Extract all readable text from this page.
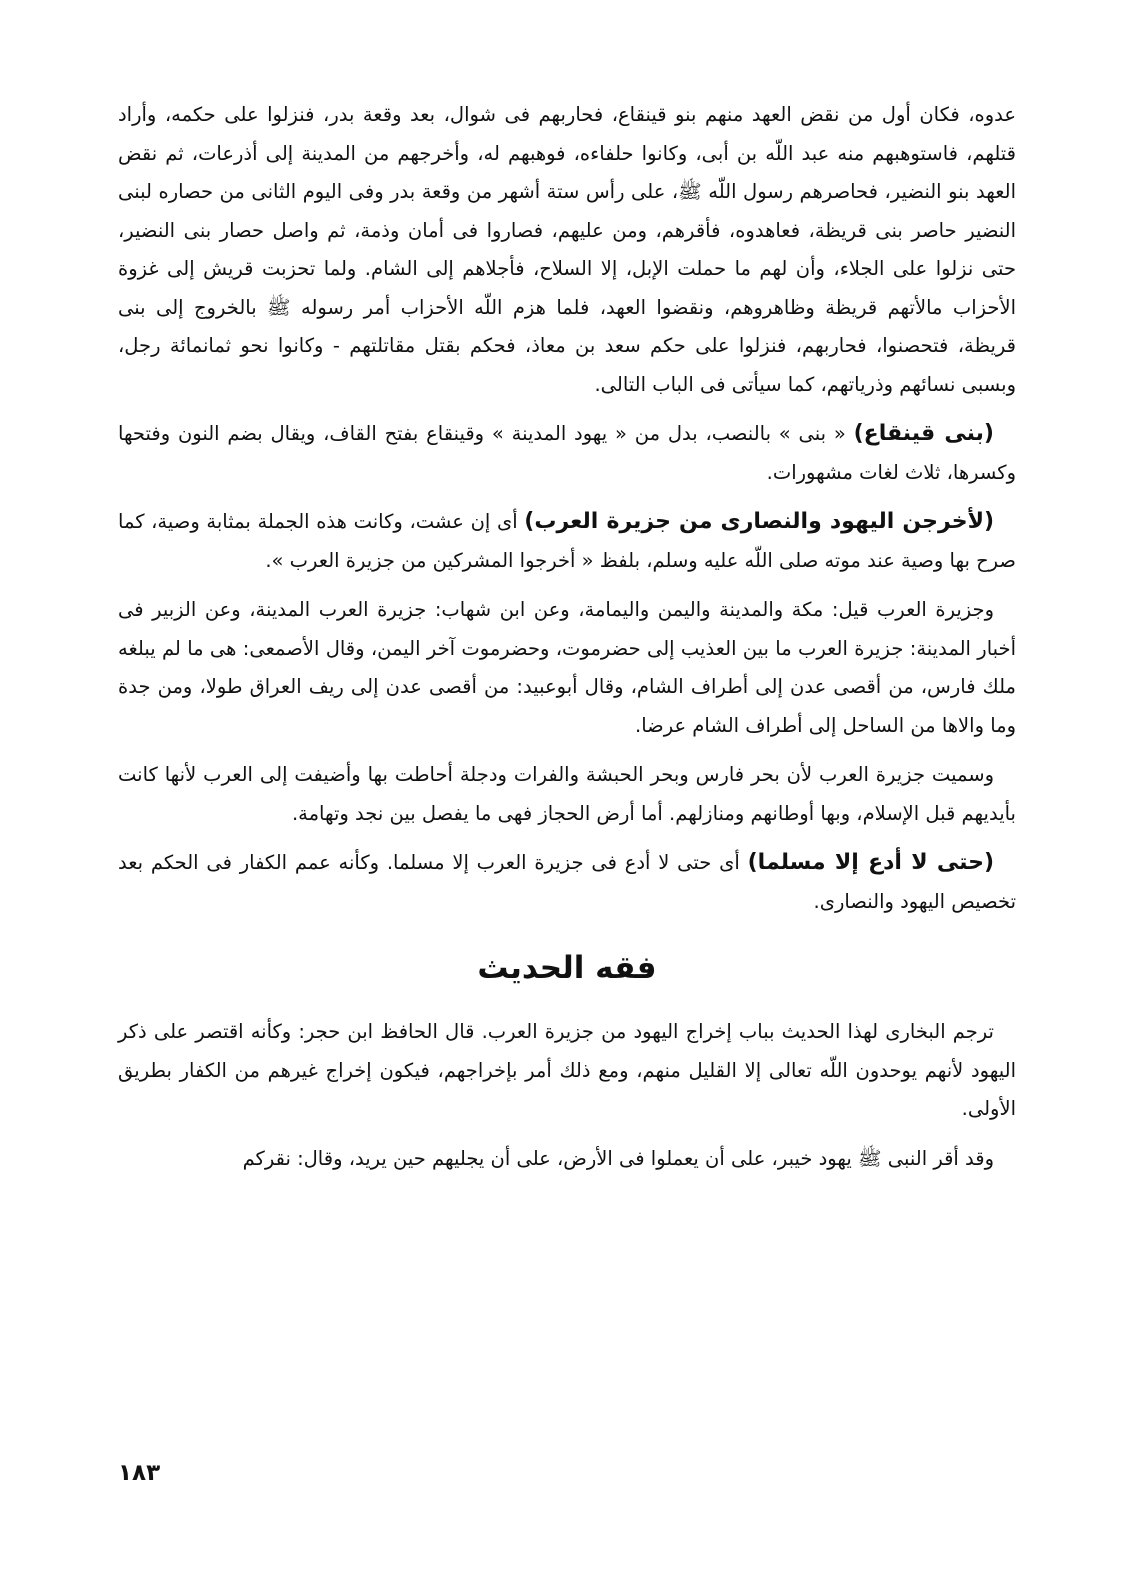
عدوه، فكان أول من نقض العهد منهم بنو قينقاع، فحاربهم فى شوال، بعد وقعة بدر، فنزلوا على حكمه، وأراد قتلهم، فاستوهبهم منه عبد اللّه بن أبى، وكانوا حلفاءه، فوهبهم له، وأخرجهم من المدينة إلى أذرعات، ثم نقض العهد بنو النضير، فحاصرهم رسول اللّه ﷺ، على رأس ستة أشهر من وقعة بدر وفى اليوم الثانى من حصاره لبنى النضير حاصر بنى قريظة، فعاهدوه، فأقرهم، ومن عليهم، فصاروا فى أمان وذمة، ثم واصل حصار بنى النضير، حتى نزلوا على الجلاء، وأن لهم ما حملت الإبل، إلا السلاح، فأجلاهم إلى الشام. ولما تحزبت قريش إلى غزوة الأحزاب مالأتهم قريظة وظاهروهم، ونقضوا العهد، فلما هزم اللّه الأحزاب أمر رسوله ﷺ بالخروج إلى بنى قريظة، فتحصنوا، فحاربهم، فنزلوا على حكم سعد بن معاذ، فحكم بقتل مقاتلتهم - وكانوا نحو ثمانمائة رجل، وبسبى نسائهم وذرياتهم، كما سيأتى فى الباب التالى.

(بنى قينقاع) « بنى » بالنصب، بدل من « يهود المدينة » وقينقاع بفتح القاف، ويقال بضم النون وفتحها وكسرها، ثلاث لغات مشهورات.

(لأخرجن اليهود والنصارى من جزيرة العرب) أى إن عشت، وكانت هذه الجملة بمثابة وصية، كما صرح بها وصية عند موته صلى اللّه عليه وسلم، بلفظ « أخرجوا المشركين من جزيرة العرب ».

وجزيرة العرب قيل: مكة والمدينة واليمن واليمامة، وعن ابن شهاب: جزيرة العرب المدينة، وعن الزبير فى أخبار المدينة: جزيرة العرب ما بين العذيب إلى حضرموت، وحضرموت آخر اليمن، وقال الأصمعى: هى ما لم يبلغه ملك فارس، من أقصى عدن إلى أطراف الشام، وقال أبوعبيد: من أقصى عدن إلى ريف العراق طولا، ومن جدة وما والاها من الساحل إلى أطراف الشام عرضا.

وسميت جزيرة العرب لأن بحر فارس وبحر الحبشة والفرات ودجلة أحاطت بها وأضيفت إلى العرب لأنها كانت بأيديهم قبل الإسلام، وبها أوطانهم ومنازلهم. أما أرض الحجاز فهى ما يفصل بين نجد وتهامة.

(حتى لا أدع إلا مسلما) أى حتى لا أدع فى جزيرة العرب إلا مسلما. وكأنه عمم الكفار فى الحكم بعد تخصيص اليهود والنصارى.

فقه الحديث

ترجم البخارى لهذا الحديث بباب إخراج اليهود من جزيرة العرب. قال الحافظ ابن حجر: وكأنه اقتصر على ذكر اليهود لأنهم يوحدون اللّه تعالى إلا القليل منهم، ومع ذلك أمر بإخراجهم، فيكون إخراج غيرهم من الكفار بطريق الأولى.

وقد أقر النبى ﷺ يهود خيبر، على أن يعملوا فى الأرض، على أن يجليهم حين يريد، وقال: نقركم

١٨٣
